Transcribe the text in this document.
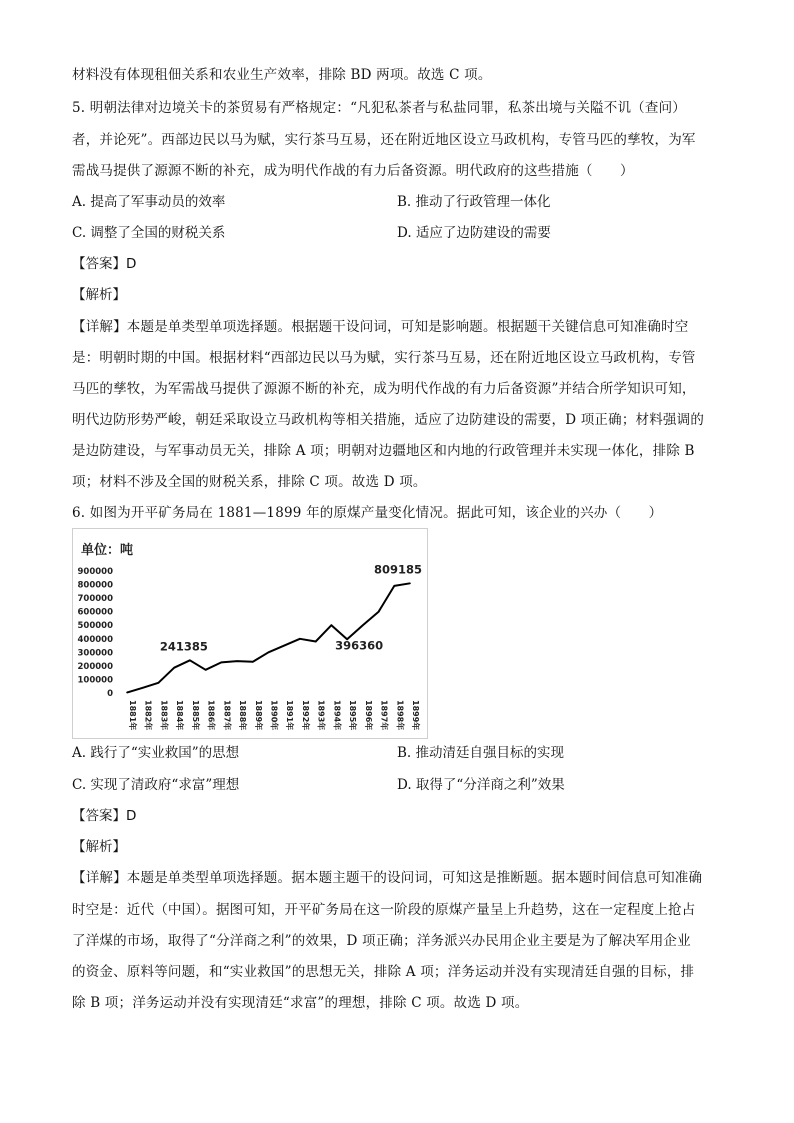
材料没有体现租佃关系和农业生产效率，排除 BD 两项。故选 C 项。
5. 明朝法律对边境关卡的茶贸易有严格规定：“凡犯私茶者与私盐同罪，私茶出境与关隘不讥（查问）
者，并论死”。西部边民以马为赋，实行茶马互易，还在附近地区设立马政机构，专管马匹的孳牧，为军
需战马提供了源源不断的补充，成为明代作战的有力后备资源。明代政府的这些措施（　　）
A. 提高了军事动员的效率	B. 推动了行政管理一体化
C. 调整了全国的财税关系	D. 适应了边防建设的需要
【答案】D
【解析】
【详解】本题是单类型单项选择题。根据题干设问词，可知是影响题。根据题干关键信息可知准确时空
是：明朝时期的中国。根据材料“西部边民以马为赋，实行茶马互易，还在附近地区设立马政机构，专管
马匹的孳牧，为军需战马提供了源源不断的补充，成为明代作战的有力后备资源”并结合所学知识可知，
明代边防形势严峻，朝廷采取设立马政机构等相关措施，适应了边防建设的需要，D 项正确；材料强调的
是边防建设，与军事动员无关，排除 A 项；明朝对边疆地区和内地的行政管理并未实现一体化，排除 B
项；材料不涉及全国的财税关系，排除 C 项。故选 D 项。
6. 如图为开平矿务局在 1881—1899 年的原煤产量变化情况。据此可知，该企业的兴办（　　）
单位：吨
0
100000
200000
300000
400000
500000
600000
700000
800000
900000
1881年 1882年 1883年 1884年 1885年 1886年 1887年 1888年 1889年 1890年 1891年 1892年 1893年 1894年 1895年 1896年 1897年 1898年 1899年
241385	396360
809185
A. 践行了“实业救国”的思想	B. 推动清廷自强目标的实现
C. 实现了清政府“求富”理想	D. 取得了“分洋商之利”效果
【答案】D
【解析】
【详解】本题是单类型单项选择题。据本题主题干的设问词，可知这是推断题。据本题时间信息可知准确
时空是：近代（中国）。据图可知，开平矿务局在这一阶段的原煤产量呈上升趋势，这在一定程度上抢占
了洋煤的市场，取得了“分洋商之利”的效果，D 项正确；洋务派兴办民用企业主要是为了解决军用企业
的资金、原料等问题，和“实业救国”的思想无关，排除 A 项；洋务运动并没有实现清廷自强的目标，排
除 B 项；洋务运动并没有实现清廷“求富”的理想，排除 C 项。故选 D 项。
